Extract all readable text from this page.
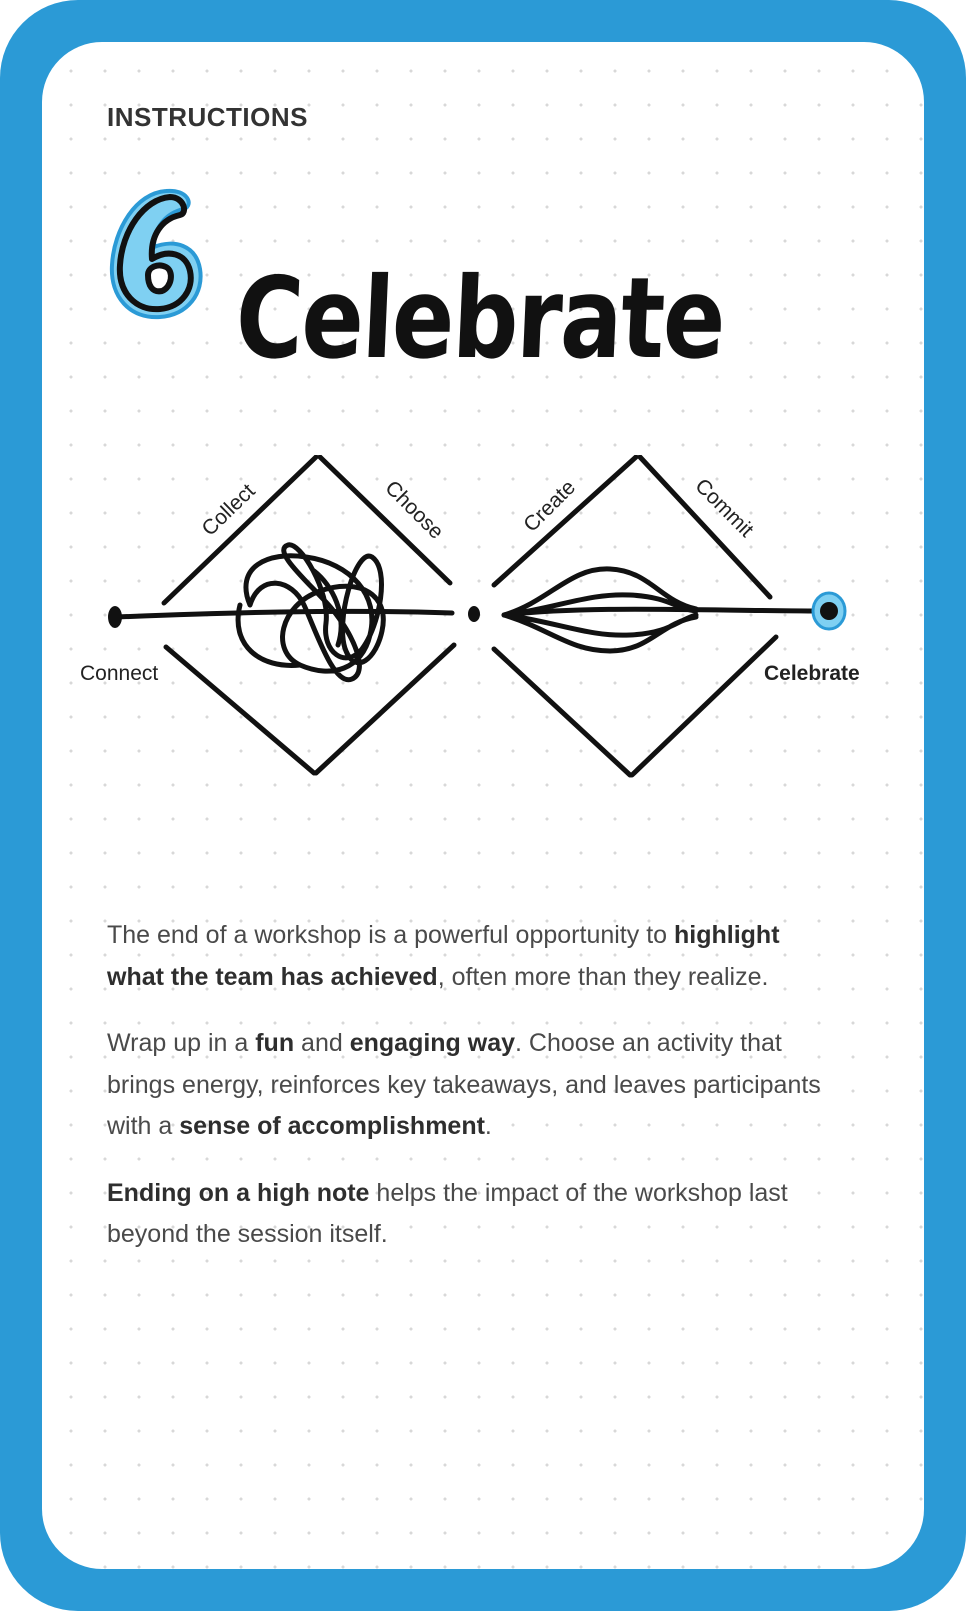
INSTRUCTIONS
6 Celebrate
Connect
Collect	Choose	Create	Commit
Celebrate

The end of a workshop is a powerful opportunity to highlight what the team has achieved, often more than they realize.

Wrap up in a fun and engaging way. Choose an activity that brings energy, reinforces key takeaways, and leaves participants with a sense of accomplishment.

Ending on a high note helps the impact of the workshop last beyond the session itself.
